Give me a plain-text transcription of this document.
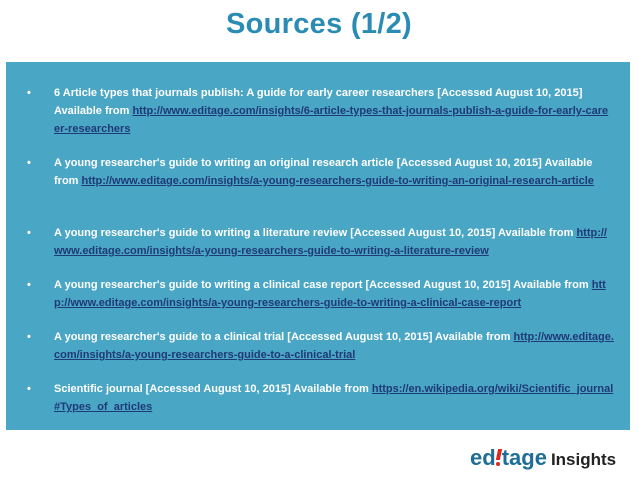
Sources (1/2)
• 6 Article types that journals publish: A guide for early career researchers [Accessed August 10, 2015] Available from http://www.editage.com/insights/6-article-types-that-journals-publish-a-guide-for-early-career-researchers
• A young researcher's guide to writing an original research article [Accessed August 10, 2015] Available from http://www.editage.com/insights/a-young-researchers-guide-to-writing-an-original-research-article
• A young researcher's guide to writing a literature review [Accessed August 10, 2015] Available from http://www.editage.com/insights/a-young-researchers-guide-to-writing-a-literature-review
• A young researcher's guide to writing a clinical case report [Accessed August 10, 2015] Available from http://www.editage.com/insights/a-young-researchers-guide-to-writing-a-clinical-case-report
• A young researcher's guide to a clinical trial [Accessed August 10, 2015] Available from http://www.editage.com/insights/a-young-researchers-guide-to-a-clinical-trial
• Scientific journal [Accessed August 10, 2015] Available from https://en.wikipedia.org/wiki/Scientific_journal#Types_of_articles
ed tage Insights
